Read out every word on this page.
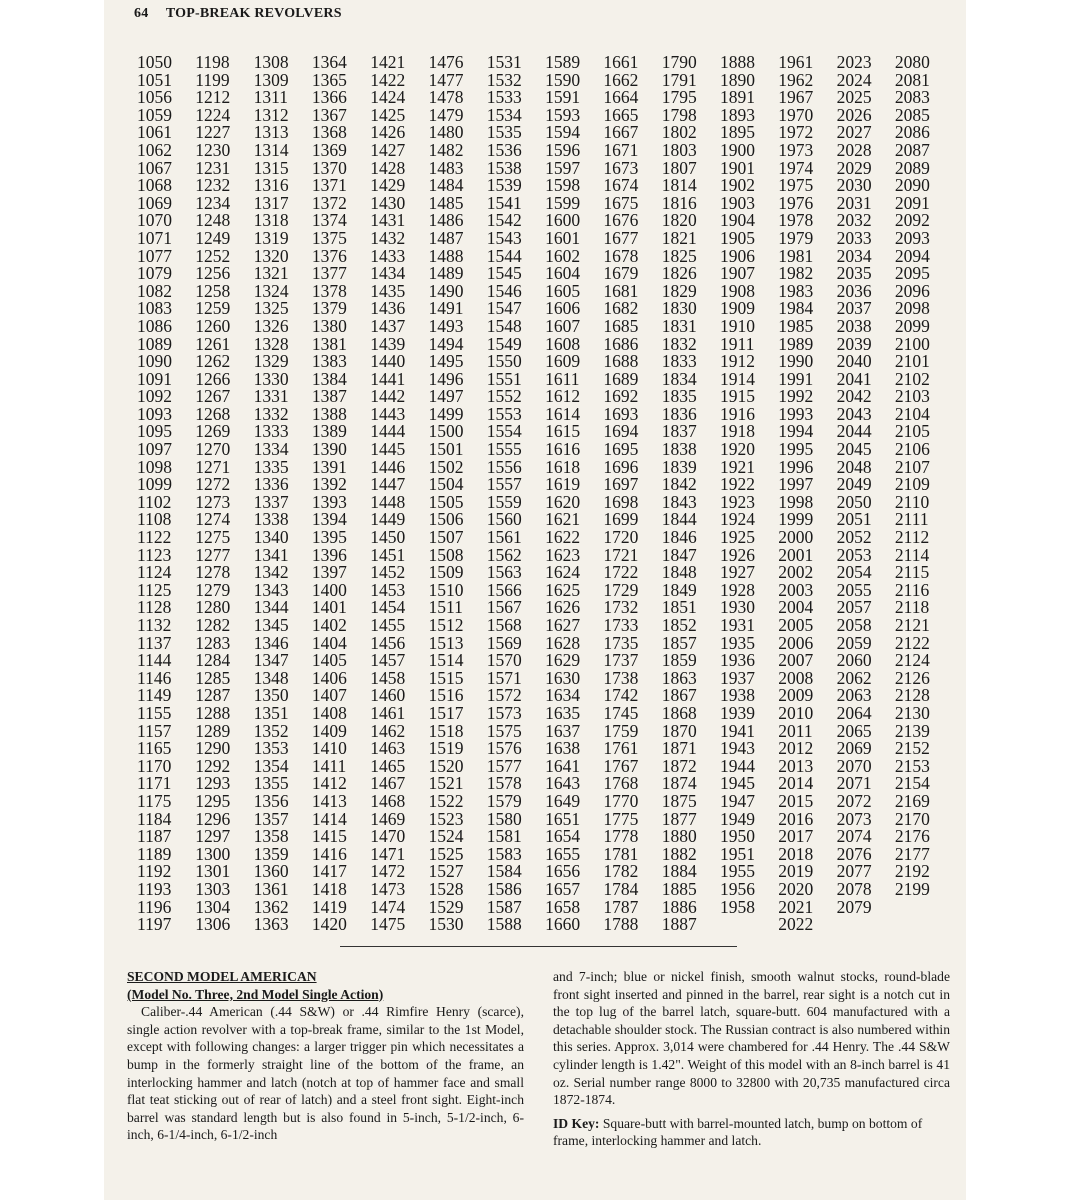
64 TOP-BREAK REVOLVERS
1050
1051
1056
1059
1061
1062
1067
1068
1069
1070
1071
1077
1079
1082
1083
1086
1089
1090
1091
1092
1093
1095
1097
1098
1099
1102
1108
1122
1123
1124
1125
1128
1132
1137
1144
1146
1149
1155
1157
1165
1170
1171
1175
1184
1187
1189
1192
1193
1196
1197
1198
1199
1212
1224
1227
1230
1231
1232
1234
1248
1249
1252
1256
1258
1259
1260
1261
1262
1266
1267
1268
1269
1270
1271
1272
1273
1274
1275
1277
1278
1279
1280
1282
1283
1284
1285
1287
1288
1289
1290
1292
1293
1295
1296
1297
1300
1301
1303
1304
1306
1308
1309
1311
1312
1313
1314
1315
1316
1317
1318
1319
1320
1321
1324
1325
1326
1328
1329
1330
1331
1332
1333
1334
1335
1336
1337
1338
1340
1341
1342
1343
1344
1345
1346
1347
1348
1350
1351
1352
1353
1354
1355
1356
1357
1358
1359
1360
1361
1362
1363
1364
1365
1366
1367
1368
1369
1370
1371
1372
1374
1375
1376
1377
1378
1379
1380
1381
1383
1384
1387
1388
1389
1390
1391
1392
1393
1394
1395
1396
1397
1400
1401
1402
1404
1405
1406
1407
1408
1409
1410
1411
1412
1413
1414
1415
1416
1417
1418
1419
1420
1421
1422
1424
1425
1426
1427
1428
1429
1430
1431
1432
1433
1434
1435
1436
1437
1439
1440
1441
1442
1443
1444
1445
1446
1447
1448
1449
1450
1451
1452
1453
1454
1455
1456
1457
1458
1460
1461
1462
1463
1465
1467
1468
1469
1470
1471
1472
1473
1474
1475
1476
1477
1478
1479
1480
1482
1483
1484
1485
1486
1487
1488
1489
1490
1491
1493
1494
1495
1496
1497
1499
1500
1501
1502
1504
1505
1506
1507
1508
1509
1510
1511
1512
1513
1514
1515
1516
1517
1518
1519
1520
1521
1522
1523
1524
1525
1527
1528
1529
1530
1531
1532
1533
1534
1535
1536
1538
1539
1541
1542
1543
1544
1545
1546
1547
1548
1549
1550
1551
1552
1553
1554
1555
1556
1557
1559
1560
1561
1562
1563
1566
1567
1568
1569
1570
1571
1572
1573
1575
1576
1577
1578
1579
1580
1581
1583
1584
1586
1587
1588
1589
1590
1591
1593
1594
1596
1597
1598
1599
1600
1601
1602
1604
1605
1606
1607
1608
1609
1611
1612
1614
1615
1616
1618
1619
1620
1621
1622
1623
1624
1625
1626
1627
1628
1629
1630
1634
1635
1637
1638
1641
1643
1649
1651
1654
1655
1656
1657
1658
1660
1661
1662
1664
1665
1667
1671
1673
1674
1675
1676
1677
1678
1679
1681
1682
1685
1686
1688
1689
1692
1693
1694
1695
1696
1697
1698
1699
1720
1721
1722
1729
1732
1733
1735
1737
1738
1742
1745
1759
1761
1767
1768
1770
1775
1778
1781
1782
1784
1787
1788
1790
1791
1795
1798
1802
1803
1807
1814
1816
1820
1821
1825
1826
1829
1830
1831
1832
1833
1834
1835
1836
1837
1838
1839
1842
1843
1844
1846
1847
1848
1849
1851
1852
1857
1859
1863
1867
1868
1870
1871
1872
1874
1875
1877
1880
1882
1884
1885
1886
1887
1888
1890
1891
1893
1895
1900
1901
1902
1903
1904
1905
1906
1907
1908
1909
1910
1911
1912
1914
1915
1916
1918
1920
1921
1922
1923
1924
1925
1926
1927
1928
1930
1931
1935
1936
1937
1938
1939
1941
1943
1944
1945
1947
1949
1950
1951
1955
1956
1958
1961
1962
1967
1970
1972
1973
1974
1975
1976
1978
1979
1981
1982
1983
1984
1985
1989
1990
1991
1992
1993
1994
1995
1996
1997
1998
1999
2000
2001
2002
2003
2004
2005
2006
2007
2008
2009
2010
2011
2012
2013
2014
2015
2016
2017
2018
2019
2020
2021
2022
2023
2024
2025
2026
2027
2028
2029
2030
2031
2032
2033
2034
2035
2036
2037
2038
2039
2040
2041
2042
2043
2044
2045
2048
2049
2050
2051
2052
2053
2054
2055
2057
2058
2059
2060
2062
2063
2064
2065
2069
2070
2071
2072
2073
2074
2076
2077
2078
2079
2080
2081
2083
2085
2086
2087
2089
2090
2091
2092
2093
2094
2095
2096
2098
2099
2100
2101
2102
2103
2104
2105
2106
2107
2109
2110
2111
2112
2114
2115
2116
2118
2121
2122
2124
2126
2128
2130
2139
2152
2153
2154
2169
2170
2176
2177
2192
2199
SECOND MODEL AMERICAN
(Model No. Three, 2nd Model Single Action)

Caliber-.44 American (.44 S&W) or .44 Rimfire Henry (scarce), single action revolver with a top-break frame, similar to the 1st Model, except with following changes: a larger trigger pin which necessitates a bump in the formerly straight line of the bottom of the frame, an interlocking hammer and latch (notch at top of hammer face and small flat teat sticking out of rear of latch) and a steel front sight. Eight-inch barrel was standard length but is also found in 5-inch, 5-1/2-inch, 6-inch, 6-1/4-inch, 6-1/2-inch

and 7-inch; blue or nickel finish, smooth walnut stocks, round-blade front sight inserted and pinned in the barrel, rear sight is a notch cut in the top lug of the barrel latch, square-butt. 604 manufactured with a detachable shoulder stock. The Russian contract is also numbered within this series. Approx. 3,014 were chambered for .44 Henry. The .44 S&W cylinder length is 1.42". Weight of this model with an 8-inch barrel is 41 oz. Serial number range 8000 to 32800 with 20,735 manufactured circa 1872-1874.

ID Key: Square-butt with barrel-mounted latch, bump on bottom of frame, interlocking hammer and latch.
